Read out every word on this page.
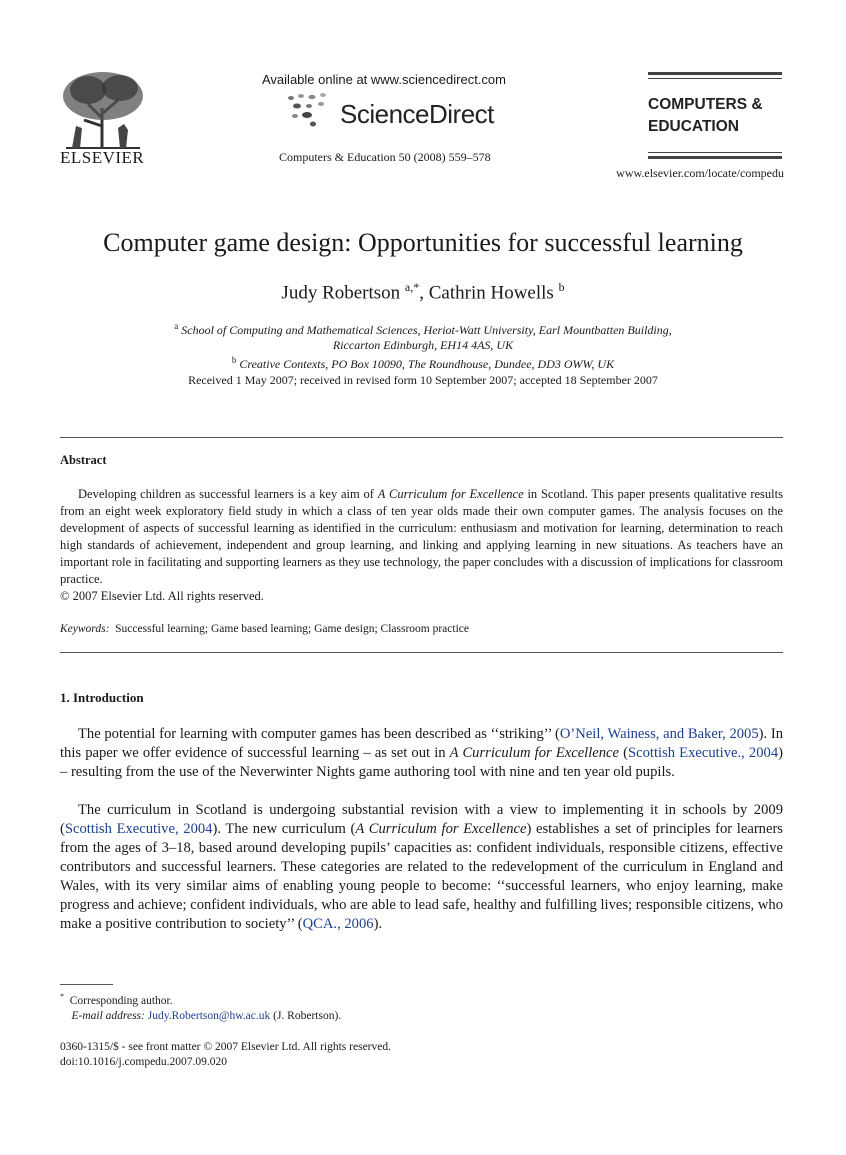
ELSEVIER
Available online at www.sciencedirect.com
ScienceDirect
Computers & Education 50 (2008) 559–578
COMPUTERS &
EDUCATION
www.elsevier.com/locate/compedu
Computer game design: Opportunities for successful learning
Judy Robertson $^{a,*}$, Cathrin Howells $^b$
$^a$ School of Computing and Mathematical Sciences, Heriot-Watt University, Earl Mountbatten Building,
Riccarton Edinburgh, EH14 4AS, UK
$^b$ Creative Contexts, PO Box 10090, The Roundhouse, Dundee, DD3 OWW, UK
Received 1 May 2007; received in revised form 10 September 2007; accepted 18 September 2007
Abstract
Developing children as successful learners is a key aim of A Curriculum for Excellence in Scotland. This paper presents qualitative results from an eight week exploratory field study in which a class of ten year olds made their own computer games. The analysis focuses on the development of aspects of successful learning as identified in the curriculum: enthusiasm and motivation for learning, determination to reach high standards of achievement, independent and group learning, and linking and applying learning in new situations. As teachers have an important role in facilitating and supporting learners as they use technology, the paper concludes with a discussion of implications for classroom practice.
© 2007 Elsevier Ltd. All rights reserved.
Keywords: Successful learning; Game based learning; Game design; Classroom practice
1. Introduction
The potential for learning with computer games has been described as ‘‘striking’’ (O’Neil, Wainess, and Baker, 2005). In this paper we offer evidence of successful learning – as set out in A Curriculum for Excellence (Scottish Executive., 2004) – resulting from the use of the Neverwinter Nights game authoring tool with nine and ten year old pupils.
The curriculum in Scotland is undergoing substantial revision with a view to implementing it in schools by 2009 (Scottish Executive, 2004). The new curriculum (A Curriculum for Excellence) establishes a set of principles for learners from the ages of 3–18, based around developing pupils’ capacities as: confident individuals, responsible citizens, effective contributors and successful learners. These categories are related to the redevelopment of the curriculum in England and Wales, with its very similar aims of enabling young people to become: ‘‘successful learners, who enjoy learning, make progress and achieve; confident individuals, who are able to lead safe, healthy and fulfilling lives; responsible citizens, who make a positive contribution to society’’ (QCA., 2006).
* Corresponding author.
E-mail address: Judy.Robertson@hw.ac.uk (J. Robertson).
0360-1315/$ - see front matter © 2007 Elsevier Ltd. All rights reserved.
doi:10.1016/j.compedu.2007.09.020
